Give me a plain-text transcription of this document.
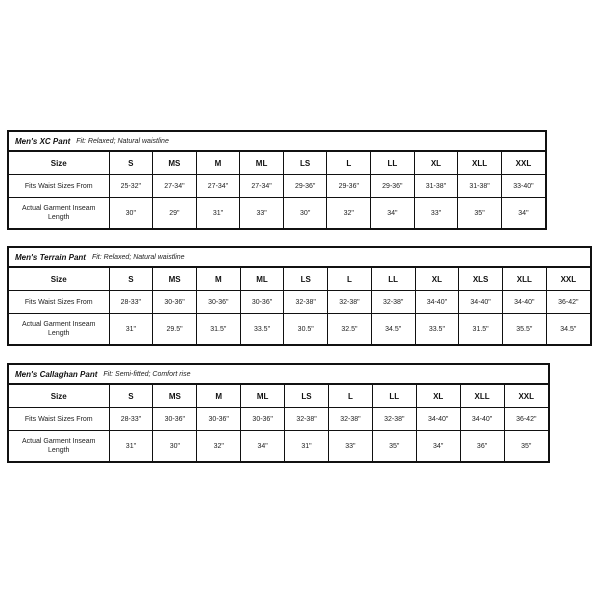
Men's XC Pant Fit: Relaxed; Natural waistline
Size	S	MS	M	ML	LS	L	LL	XL	XLL	XXL
Fits Waist Sizes From	25-32"	27-34"	27-34"	27-34"	29-36"	29-36"	29-36"	31-38"	31-38"	33-40"
Actual Garment Inseam Length	30"	29"	31"	33"	30"	32"	34"	33"	35"	34"
Men's Terrain Pant Fit: Relaxed; Natural waistline
Size	S	MS	M	ML	LS	L	LL	XL	XLS	XLL	XXL
Fits Waist Sizes From	28-33"	30-36"	30-36"	30-36"	32-38"	32-38"	32-38"	34-40"	34-40"	34-40"	36-42"
Actual Garment Inseam Length	31"	29.5"	31.5"	33.5"	30.5"	32.5"	34.5"	33.5"	31.5"	35.5"	34.5"
Men's Callaghan Pant Fit: Semi-fitted; Comfort rise
Size	S	MS	M	ML	LS	L	LL	XL	XLL	XXL
Fits Waist Sizes From	28-33"	30-36"	30-36"	30-36"	32-38"	32-38"	32-38"	34-40"	34-40"	36-42"
Actual Garment Inseam Length	31"	30"	32"	34"	31"	33"	35"	34"	36"	35"
